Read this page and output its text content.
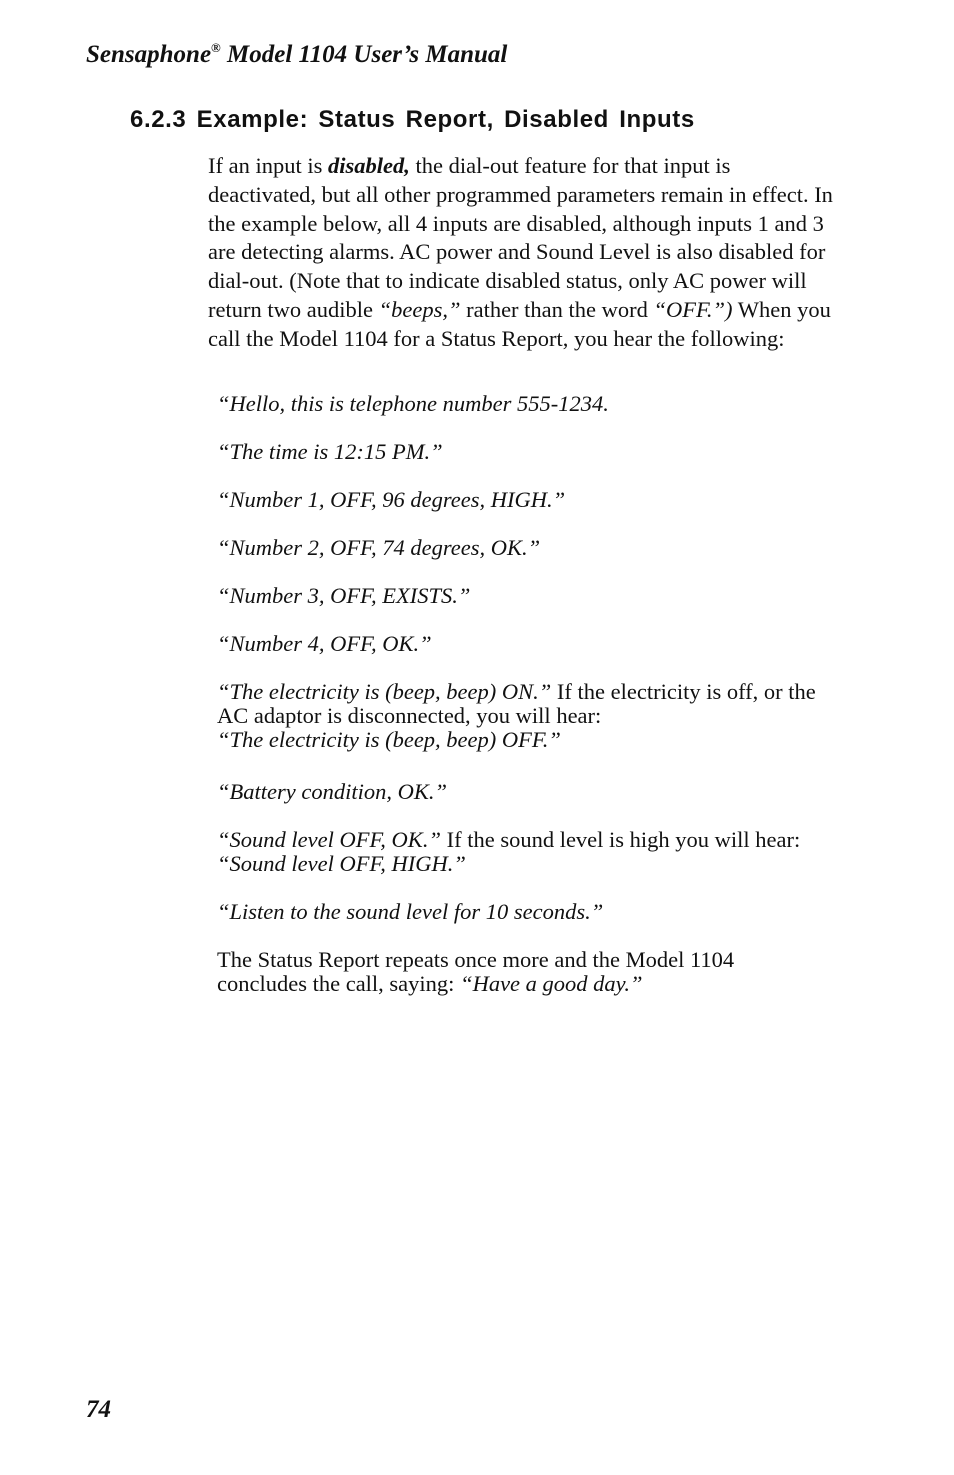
Sensaphone® Model 1104 User’s Manual
6.2.3 Example: Status Report, Disabled Inputs

If an input is disabled, the dial-out feature for that input is deactivated, but all other programmed parameters remain in effect. In the example below, all 4 inputs are disabled, although inputs 1 and 3 are detecting alarms. AC power and Sound Level is also disabled for dial-out. (Note that to indicate disabled status, only AC power will return two audible “beeps,” rather than the word “OFF.”) When you call the Model 1104 for a Status Report, you hear the following:

“Hello, this is telephone number 555-1234.
“The time is 12:15 PM.”
“Number 1, OFF, 96 degrees, HIGH.”
“Number 2, OFF, 74 degrees, OK.”
“Number 3, OFF, EXISTS.”
“Number 4, OFF, OK.”
“The electricity is (beep, beep) ON.” If the electricity is off, or the AC adaptor is disconnected, you will hear:
“The electricity is (beep, beep) OFF.”
“Battery condition, OK.”
“Sound level OFF, OK.” If the sound level is high you will hear: “Sound level OFF, HIGH.”
“Listen to the sound level for 10 seconds.”
The Status Report repeats once more and the Model 1104 concludes the call, saying: “Have a good day.”
74
